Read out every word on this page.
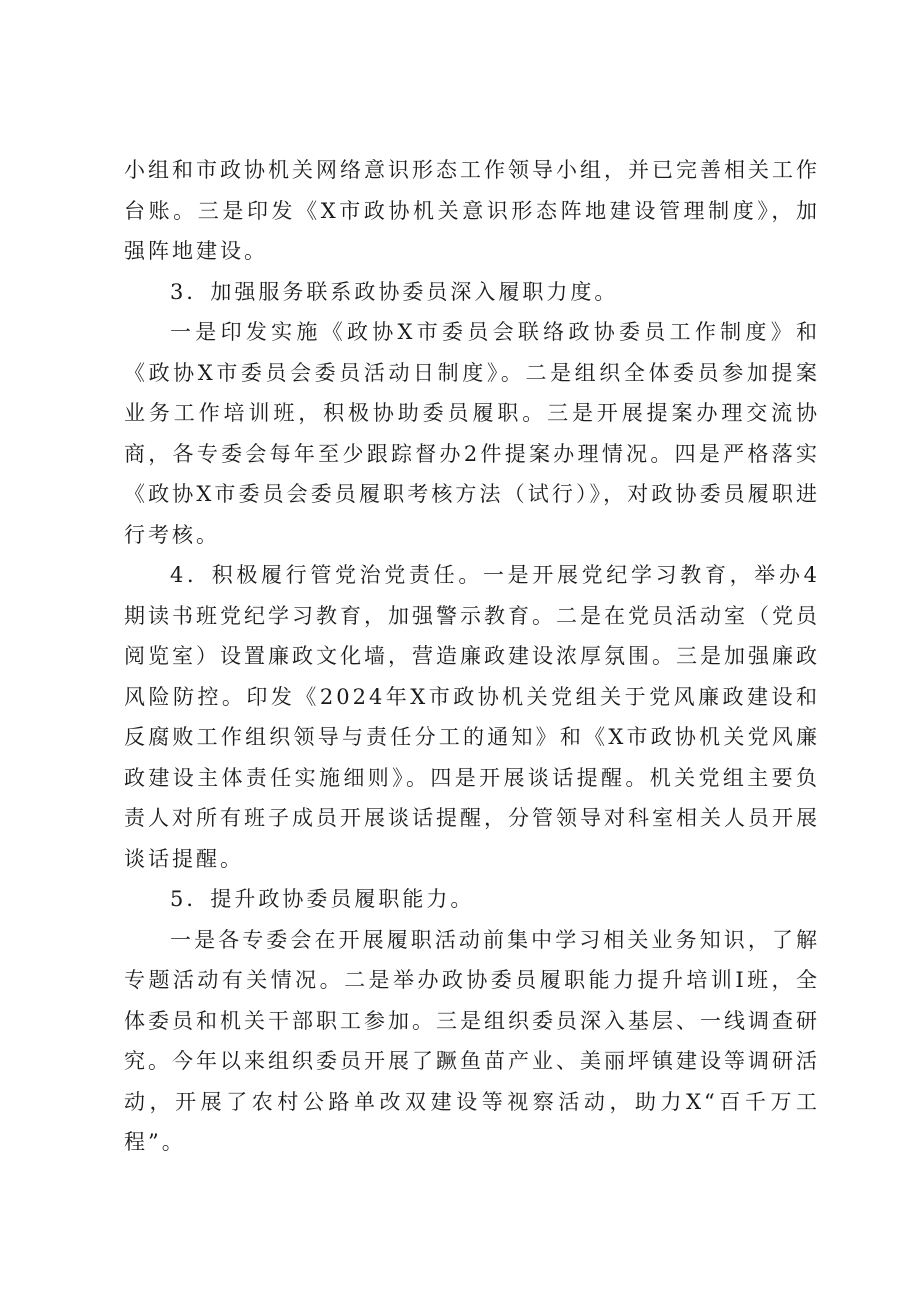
小组和市政协机关网络意识形态工作领导小组，并已完善相关工作台账。三是印发《X市政协机关意识形态阵地建设管理制度》，加强阵地建设。

3．加强服务联系政协委员深入履职力度。

一是印发实施《政协X市委员会联络政协委员工作制度》和《政协X市委员会委员活动日制度》。二是组织全体委员参加提案业务工作培训班，积极协助委员履职。三是开展提案办理交流协商，各专委会每年至少跟踪督办2件提案办理情况。四是严格落实《政协X市委员会委员履职考核方法（试行）》，对政协委员履职进行考核。

4．积极履行管党治党责任。一是开展党纪学习教育，举办4期读书班党纪学习教育，加强警示教育。二是在党员活动室（党员阅览室）设置廉政文化墙，营造廉政建设浓厚氛围。三是加强廉政风险防控。印发《2024年X市政协机关党组关于党风廉政建设和反腐败工作组织领导与责任分工的通知》和《X市政协机关党风廉政建设主体责任实施细则》。四是开展谈话提醒。机关党组主要负责人对所有班子成员开展谈话提醒，分管领导对科室相关人员开展谈话提醒。

5．提升政协委员履职能力。

一是各专委会在开展履职活动前集中学习相关业务知识，了解专题活动有关情况。二是举办政协委员履职能力提升培训I班，全体委员和机关干部职工参加。三是组织委员深入基层、一线调查研究。今年以来组织委员开展了蹶鱼苗产业、美丽坪镇建设等调研活动，开展了农村公路单改双建设等视察活动，助力X“百千万工程”。
